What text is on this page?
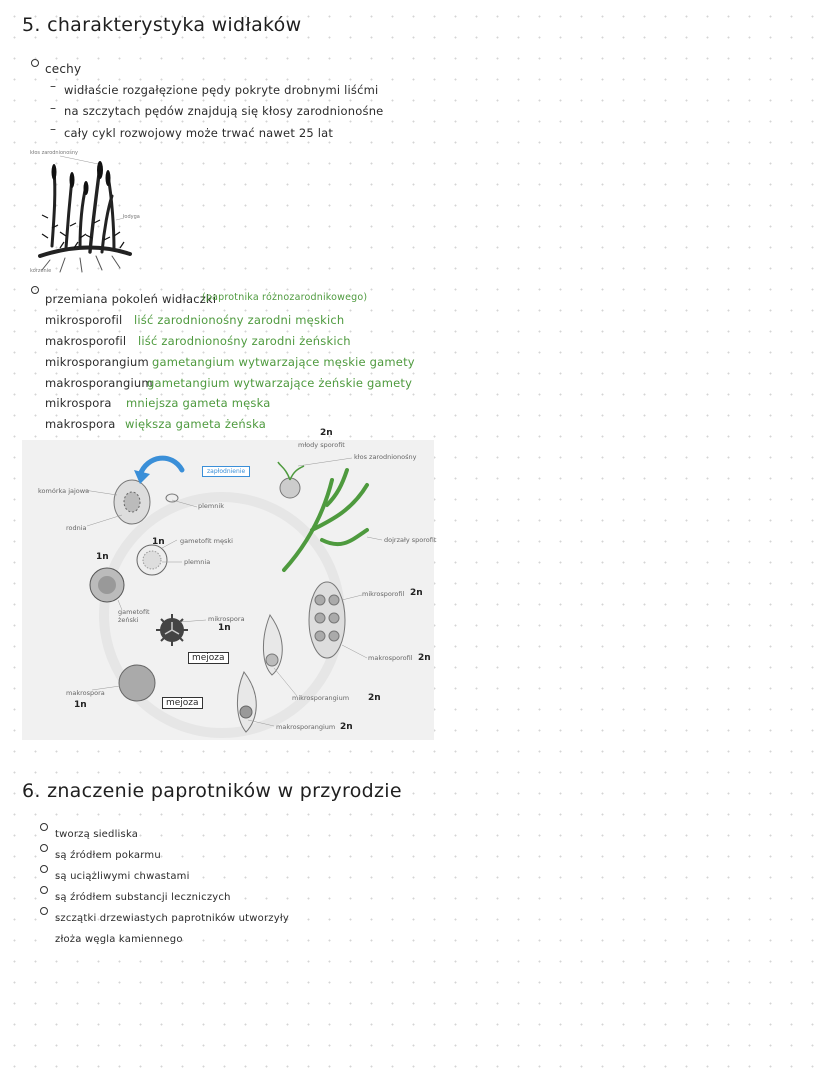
5. charakterystyka widłaków
cechy
– widłaście rozgałęzione pędy pokryte drobnymi liśćmi
– na szczytach pędów znajdują się kłosy zarodnionośne
– cały cykl rozwojowy może trwać nawet 25 lat
kłos zarodnionośny
łodyga
korzenie
przemiana pokoleń widłaczki
(paprotnika różnozarodnikowego)
mikrosporofil liść zarodnionośny zarodni męskich
makrosporofil liść zarodnionośny zarodni żeńskich
mikrosporangium gametangium wytwarzające męskie gamety
makrosporangium
gametangium wytwarzające żeńskie gamety
mikrospora mniejsza gameta męska
makrospora większa gameta żeńska
zapłodnienie
komórka jajowa
plemnik
rodnia
gametofit męski
plemnia
gametofit żeński	mikrospora
makrospora
młody sporofit
kłos zarodnionośny
dojrzały sporofit
mikrosporofil
makrosporofil
mikrosporangium
makrosporangium
mejoza
mejoza
2n
2n
2n
2n
2n
1n
1n
1n
1n
6. znaczenie paprotników w przyrodzie
tworzą siedliska
są źródłem pokarmu
są uciążliwymi chwastami
są źródłem substancji leczniczych
szczątki drzewiastych paprotników utworzyły
złoża węgla kamiennego
